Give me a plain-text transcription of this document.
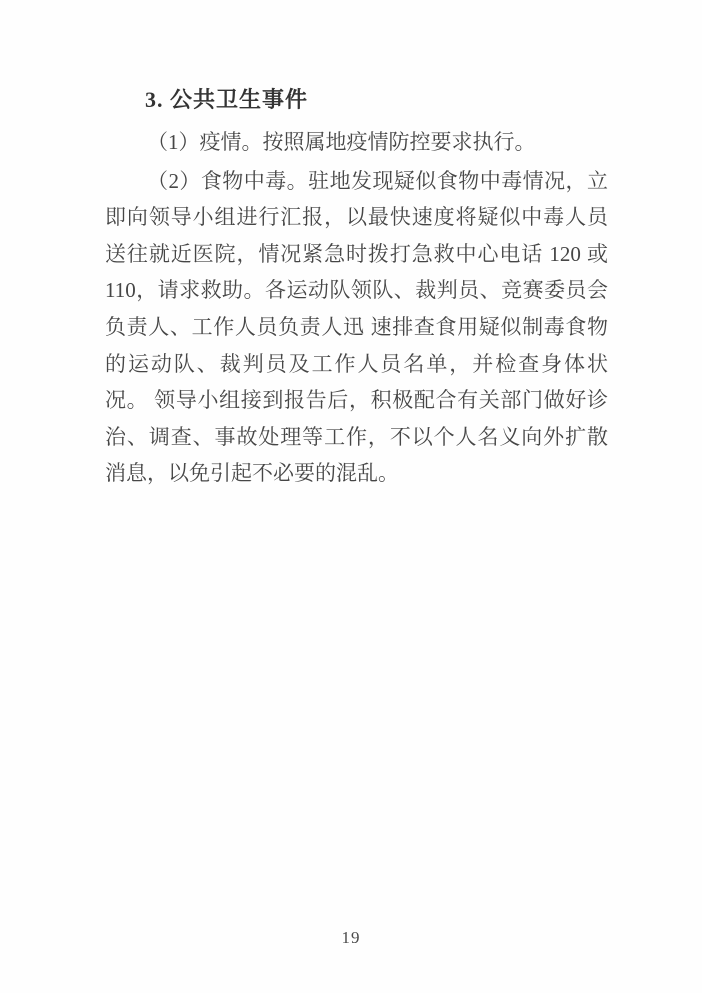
3. 公共卫生事件

（1）疫情。按照属地疫情防控要求执行。

（2）食物中毒。驻地发现疑似食物中毒情况，立即向领导小组进行汇报，以最快速度将疑似中毒人员送往就近医院，情况紧急时拨打急救中心电话 120 或 110，请求救助。各运动队领队、裁判员、竞赛委员会负责人、工作人员负责人迅 速排查食用疑似制毒食物的运动队、裁判员及工作人员名单，并检查身体状况。 领导小组接到报告后，积极配合有关部门做好诊治、调查、事故处理等工作，不以个人名义向外扩散消息，以免引起不必要的混乱。

19
